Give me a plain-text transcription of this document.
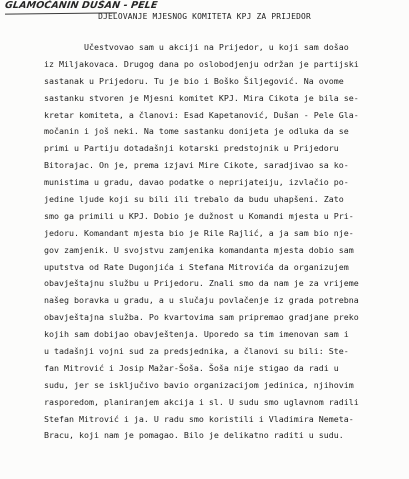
GLAMOČANIN DUŠAN - PELE
DJELOVANJE MJESNOG KOMITETA KPJ ZA PRIJEDOR
Učestvovao sam u akciji na Prijedor, u koji sam došao
iz Miljakovaca. Drugog dana po oslobodjenju održan je partijski
sastanak u Prijedoru. Tu je bio i Boško Šiljegović. Na ovome
sastanku stvoren je Mjesni komitet KPJ. Mira Cikota je bila se-
kretar komiteta, a članovi: Esad Kapetanović, Dušan - Pele Gla-
močanin i još neki. Na tome sastanku donijeta je odluka da se
primi u Partiju dotadašnji kotarski predstojnik u Prijedoru
Bitorajac. On je, prema izjavi Mire Cikote, saradjivao sa ko-
munistima u gradu, davao podatke o neprijateiju, izvlačio po-
jedine ljude koji su bili ili trebalo da budu uhapšeni. Zato
smo ga primili u KPJ. Dobio je dužnost u Komandi mjesta u Pri-
jedoru. Komandant mjesta bio je Rile Rajlić, a ja sam bio nje-
gov zamjenik. U svojstvu zamjenika komandanta mjesta dobio sam
uputstva od Rate Dugonjića i Stefana Mitrovića da organizujem
obavještajnu službu u Prijedoru. Znali smo da nam je za vrijeme
našeg boravka u gradu, a u slučaju povlačenje iz grada potrebna
obavještajna služba. Po kvartovima sam pripremao gradjane preko
kojih sam dobijao obavještenja. Uporedo sa tim imenovan sam i
u tadašnji vojni sud za predsjednika, a članovi su bili: Ste-
fan Mitrović i Josip Mažar-Šoša. Šoša nije stigao da radi u
sudu, jer se isključivo bavio organizacijom jedinica, njihovim
rasporedom, planiranjem akcija i sl. U sudu smo uglavnom radili
Stefan Mitrović i ja. U radu smo koristili i Vladimira Nemeta-
Bracu, koji nam je pomagao. Bilo je delikatno raditi u sudu.
